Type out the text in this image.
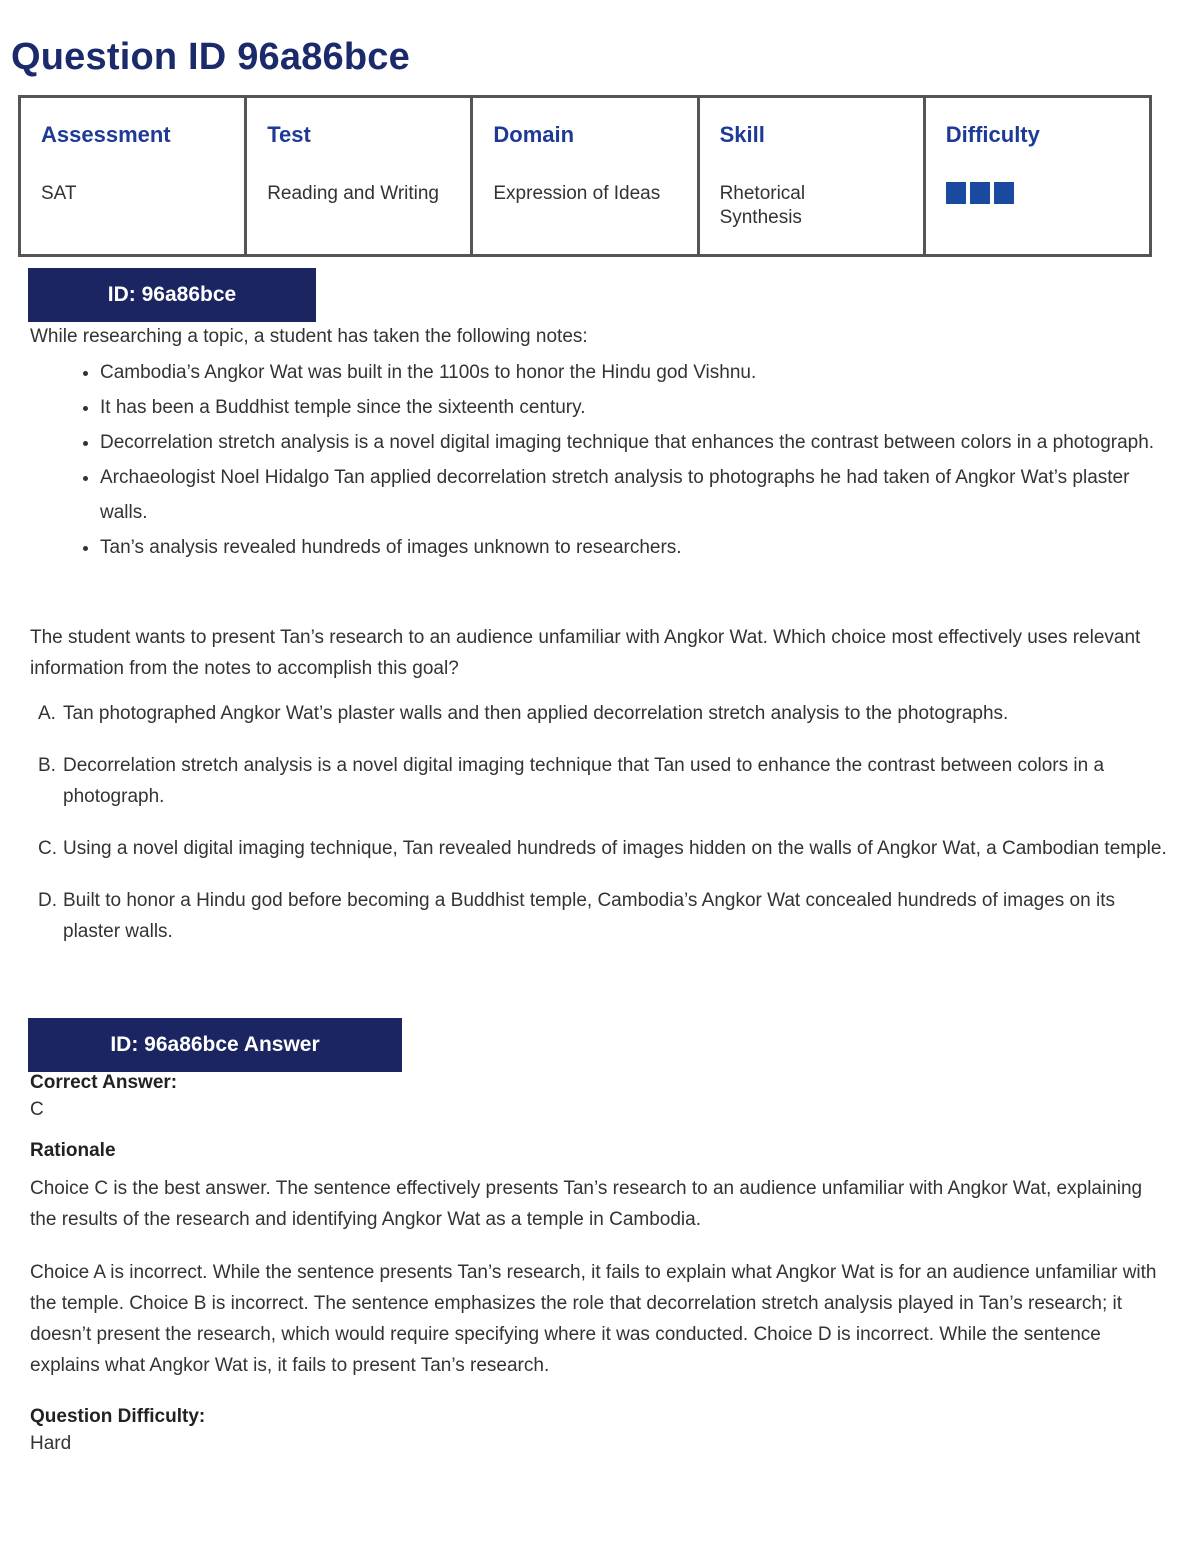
Question ID 96a86bce
Assessment
SAT

Test
Reading and Writing

Domain
Expression of Ideas

Skill
Rhetorical Synthesis

Difficulty
ID: 96a86bce
While researching a topic, a student has taken the following notes:
• Cambodia’s Angkor Wat was built in the 1100s to honor the Hindu god Vishnu.
• It has been a Buddhist temple since the sixteenth century.
• Decorrelation stretch analysis is a novel digital imaging technique that enhances the contrast between colors in a photograph.
• Archaeologist Noel Hidalgo Tan applied decorrelation stretch analysis to photographs he had taken of Angkor Wat’s plaster walls.
• Tan’s analysis revealed hundreds of images unknown to researchers.
The student wants to present Tan’s research to an audience unfamiliar with Angkor Wat. Which choice most effectively uses relevant information from the notes to accomplish this goal?
A. Tan photographed Angkor Wat’s plaster walls and then applied decorrelation stretch analysis to the photographs.
B. Decorrelation stretch analysis is a novel digital imaging technique that Tan used to enhance the contrast between colors in a photograph.
C. Using a novel digital imaging technique, Tan revealed hundreds of images hidden on the walls of Angkor Wat, a Cambodian temple.
D. Built to honor a Hindu god before becoming a Buddhist temple, Cambodia’s Angkor Wat concealed hundreds of images on its plaster walls.
ID: 96a86bce Answer
Correct Answer:
C
Rationale
Choice C is the best answer. The sentence effectively presents Tan’s research to an audience unfamiliar with Angkor Wat, explaining the results of the research and identifying Angkor Wat as a temple in Cambodia.
Choice A is incorrect. While the sentence presents Tan’s research, it fails to explain what Angkor Wat is for an audience unfamiliar with the temple. Choice B is incorrect. The sentence emphasizes the role that decorrelation stretch analysis played in Tan’s research; it doesn’t present the research, which would require specifying where it was conducted. Choice D is incorrect. While the sentence explains what Angkor Wat is, it fails to present Tan’s research.
Question Difficulty:
Hard
